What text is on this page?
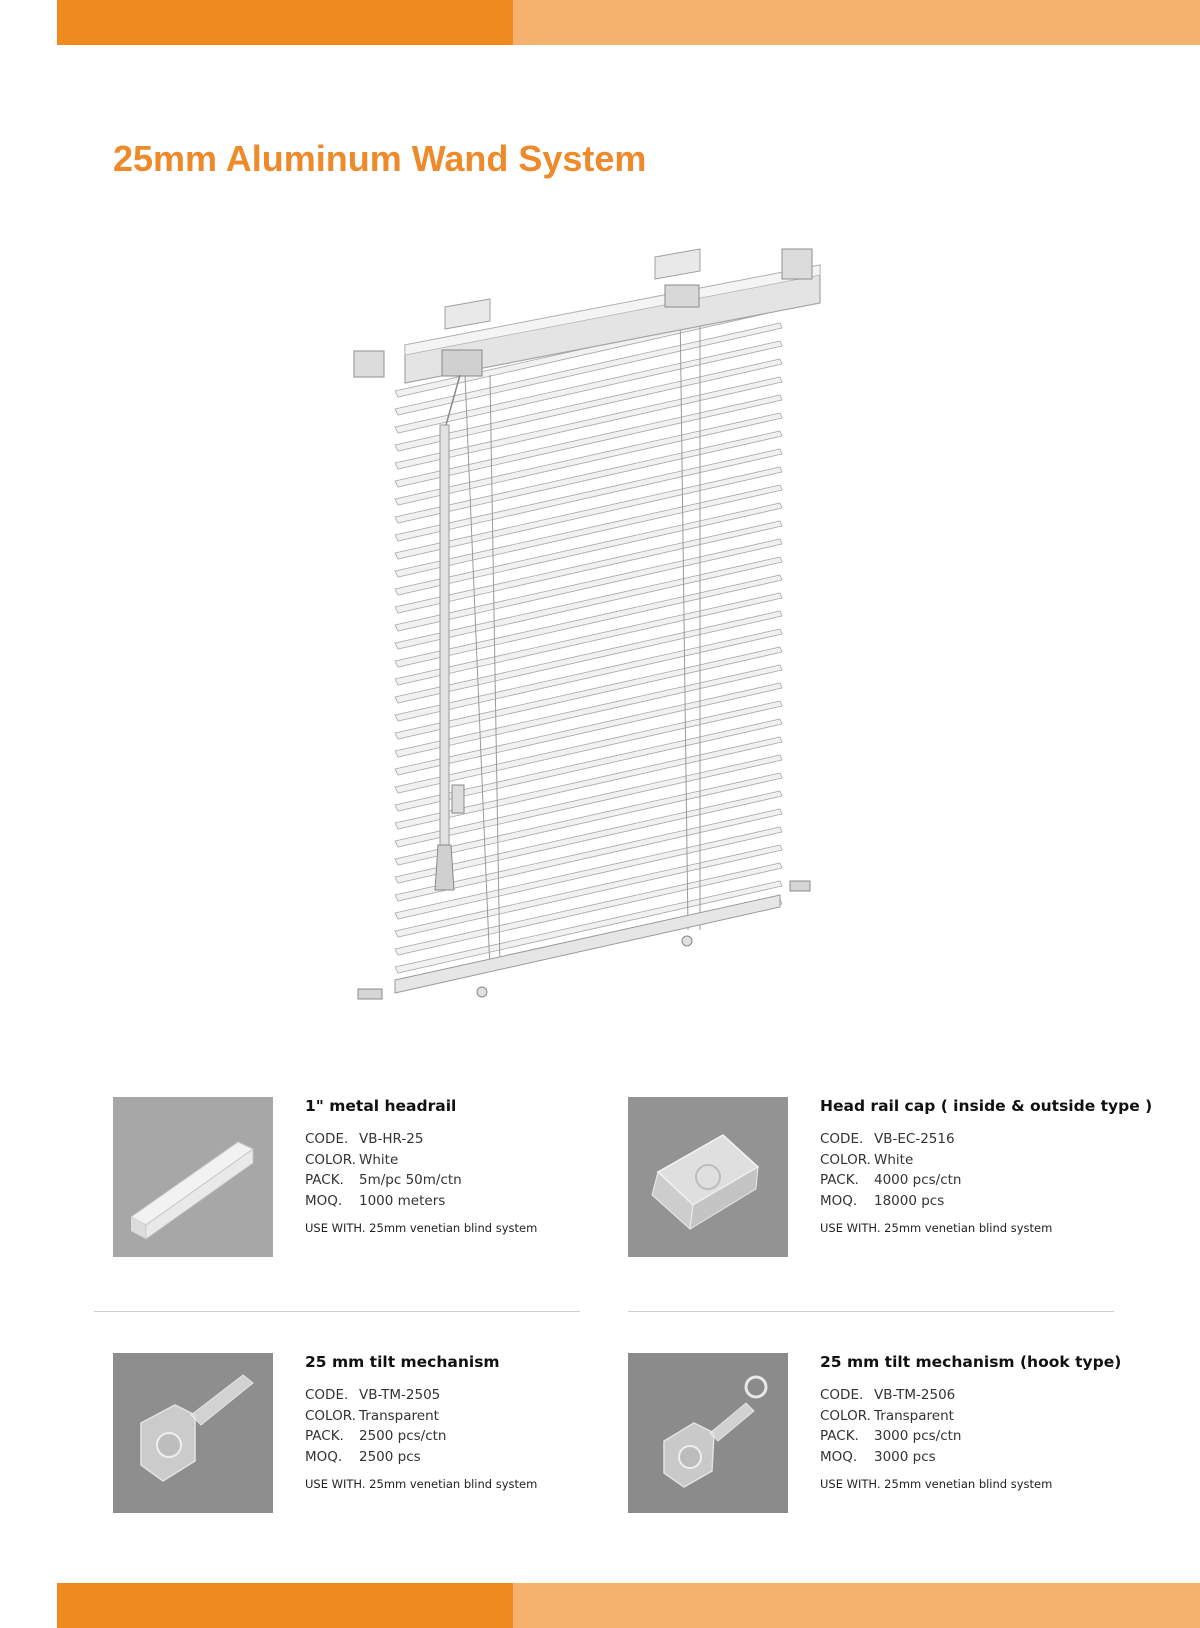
25mm Aluminum Wand System
1" metal headrail
CODE. VB-HR-25
COLOR. White
PACK. 5m/pc 50m/ctn
MOQ. 1000 meters
USE WITH. 25mm venetian blind system
Head rail cap ( inside & outside type )
CODE. VB-EC-2516
COLOR. White
PACK. 4000 pcs/ctn
MOQ. 18000 pcs
USE WITH. 25mm venetian blind system
25 mm tilt mechanism
CODE. VB-TM-2505
COLOR. Transparent
PACK. 2500 pcs/ctn
MOQ. 2500 pcs
USE WITH. 25mm venetian blind system
25 mm tilt mechanism (hook type)
CODE. VB-TM-2506
COLOR. Transparent
PACK. 3000 pcs/ctn
MOQ. 3000 pcs
USE WITH. 25mm venetian blind system
